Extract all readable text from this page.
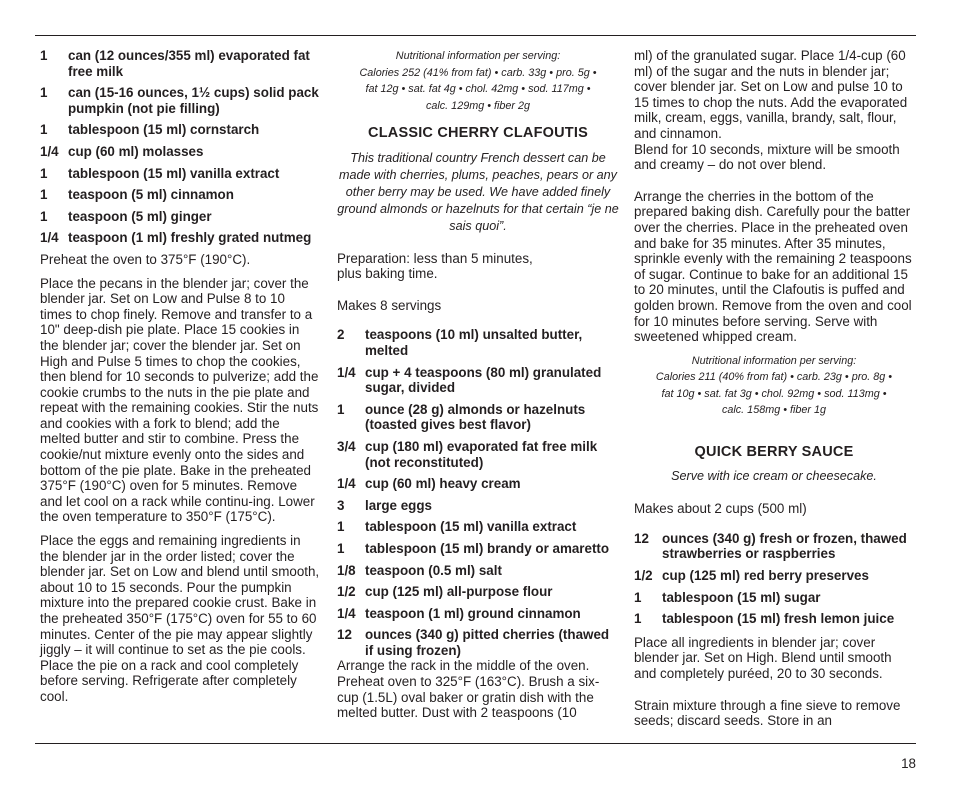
1	can (12 ounces/355 ml) evaporated fat free milk
1	can (15-16 ounces, 1½ cups) solid pack pumpkin (not pie filling)
1	tablespoon (15 ml) cornstarch
1/4 cup (60 ml) molasses
1	tablespoon (15 ml) vanilla extract
1	teaspoon (5 ml) cinnamon
1	teaspoon (5 ml) ginger
1/4 teaspoon (1 ml) freshly grated nutmeg

Preheat the oven to 375°F (190°C).

Place the pecans in the blender jar; cover the blender jar. Set on Low and Pulse 8 to 10 times to chop finely. Remove and transfer to a 10" deep-dish pie plate. Place 15 cookies in the blender jar; cover the blender jar. Set on High and Pulse 5 times to chop the cookies, then blend for 10 seconds to pulverize; add the cookie crumbs to the nuts in the pie plate and repeat with the remaining cookies. Stir the nuts and cookies with a fork to blend; add the melted butter and stir to combine. Press the cookie/nut mixture evenly onto the sides and bottom of the pie plate. Bake in the preheated 375°F (190°C) oven for 5 minutes. Remove and let cool on a rack while continu-ing. Lower the oven temperature to 350°F (175°C).

Place the eggs and remaining ingredients in the blender jar in the order listed; cover the blender jar. Set on Low and blend until smooth, about 10 to 15 seconds. Pour the pumpkin mixture into the prepared cookie crust. Bake in the preheated 350°F (175°C) oven for 55 to 60 minutes. Center of the pie may appear slightly jiggly – it will continue to set as the pie cools. Place the pie on a rack and cool completely before serving. Refrigerate after completely cool.

Nutritional information per serving:

Calories 252 (41% from fat) • carb. 33g • pro. 5g •

fat 12g • sat. fat 4g • chol. 42mg • sod. 117mg •

calc. 129mg • fiber 2g

CLASSIC CHERRY CLAFOUTIS

This traditional country French dessert can be made with cherries, plums, peaches, pears or any other berry may be used. We have added finely ground almonds or hazelnuts for that certain “je ne sais quoi”.

Preparation: less than 5 minutes,
plus baking time.

Makes 8 servings

2	teaspoons (10 ml) unsalted butter, melted
1/4 cup + 4 teaspoons (80 ml) granulated sugar, divided
1	ounce (28 g) almonds or hazelnuts (toasted gives best flavor)
3/4 cup (180 ml) evaporated fat free milk (not reconstituted)
1/4 cup (60 ml) heavy cream
3	large eggs
1	tablespoon (15 ml) vanilla extract
1	tablespoon (15 ml) brandy or amaretto
1/8 teaspoon (0.5 ml) salt
1/2 cup (125 ml) all-purpose flour
1/4 teaspoon (1 ml) ground cinnamon
12 ounces (340 g) pitted cherries (thawed if using frozen)

Arrange the rack in the middle of the oven. Preheat oven to 325°F (163°C). Brush a six-cup (1.5L) oval baker or gratin dish with the melted butter. Dust with 2 teaspoons (10

ml) of the granulated sugar. Place 1/4-cup (60 ml) of the sugar and the nuts in blender jar; cover blender jar. Set on Low and pulse 10 to 15 times to chop the nuts. Add the evaporated milk, cream, eggs, vanilla, brandy, salt, flour, and cinnamon.
Blend for 10 seconds, mixture will be smooth and creamy – do not over blend.

Arrange the cherries in the bottom of the prepared baking dish. Carefully pour the batter over the cherries. Place in the preheated oven and bake for 35 minutes. After 35 minutes, sprinkle evenly with the remaining 2 teaspoons of sugar. Continue to bake for an additional 15 to 20 minutes, until the Clafoutis is puffed and golden brown. Remove from the oven and cool for 10 minutes before serving. Serve with sweetened whipped cream.

Nutritional information per serving:

Calories 211 (40% from fat) • carb. 23g • pro. 8g •

fat 10g • sat. fat 3g • chol. 92mg • sod. 113mg •

calc. 158mg • fiber 1g

QUICK BERRY SAUCE

Serve with ice cream or cheesecake.

Makes about 2 cups (500 ml)

12 ounces (340 g) fresh or frozen, thawed strawberries or raspberries
1/2 cup (125 ml) red berry preserves
1	tablespoon (15 ml) sugar
1	tablespoon (15 ml) fresh lemon juice

Place all ingredients in blender jar; cover blender jar. Set on High. Blend until smooth and completely puréed, 20 to 30 seconds.

Strain mixture through a fine sieve to remove seeds; discard seeds. Store in an

18
